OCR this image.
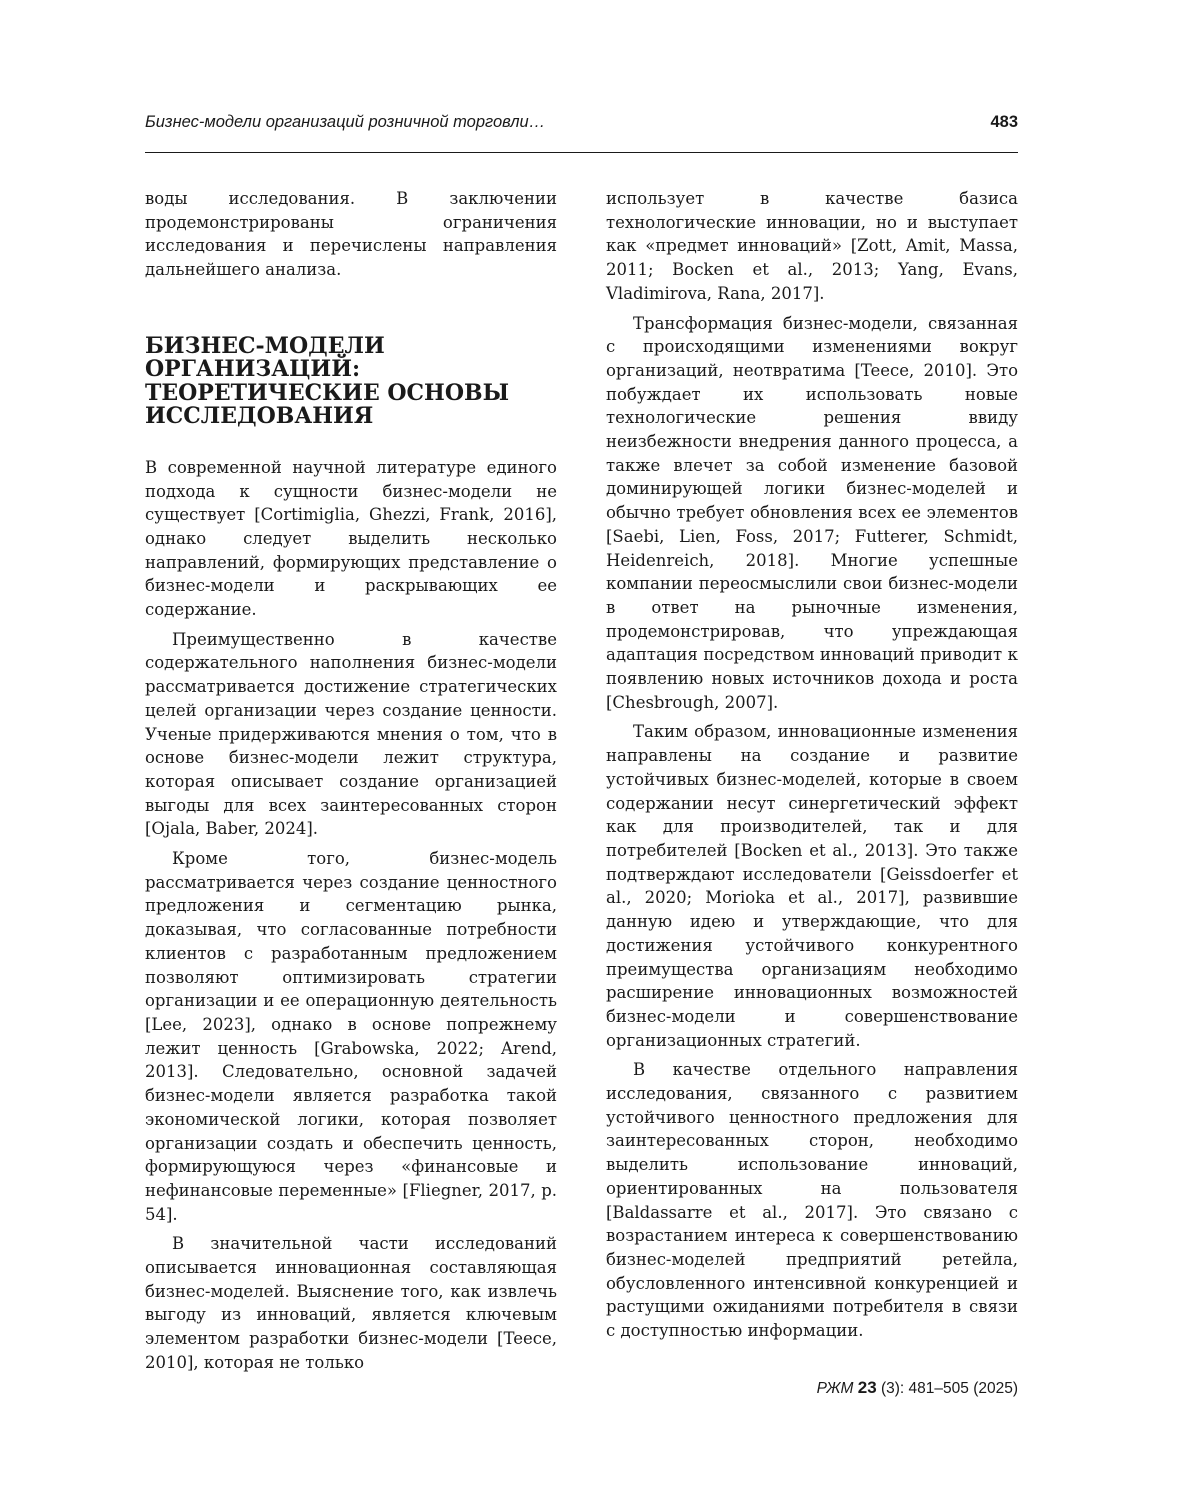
Бизнес-модели организаций розничной торговли…	483

воды исследования. В заключении продемонстрированы ограничения исследования и перечислены направления дальнейшего анализа.

БИЗНЕС-МОДЕЛИ ОРГАНИЗАЦИЙ: ТЕОРЕТИЧЕСКИЕ ОСНОВЫ ИССЛЕДОВАНИЯ

В современной научной литературе единого подхода к сущности бизнес-модели не существует [Cortimiglia, Ghezzi, Frank, 2016], однако следует выделить несколько направлений, формирующих представление о бизнес-модели и раскрывающих ее содержание.

Преимущественно в качестве содержательного наполнения бизнес-модели рассматривается достижение стратегических целей организации через создание ценности. Ученые придерживаются мнения о том, что в основе бизнес-модели лежит структура, которая описывает создание организацией выгоды для всех заинтересованных сторон [Ojala, Baber, 2024].

Кроме того, бизнес-модель рассматривается через создание ценностного предложения и сегментацию рынка, доказывая, что согласованные потребности клиентов с разработанным предложением позволяют оптимизировать стратегии организации и ее операционную деятельность [Lee, 2023], однако в основе попрежнему лежит ценность [Grabowska, 2022; Arend, 2013]. Следовательно, основной задачей бизнес-модели является разработка такой экономической логики, которая позволяет организации создать и обеспечить ценность, формирующуюся через «финансовые и нефинансовые переменные» [Fliegner, 2017, p. 54].

В значительной части исследований описывается инновационная составляющая бизнес-моделей. Выяснение того, как извлечь выгоду из инноваций, является ключевым элементом разработки бизнес-модели [Teece, 2010], которая не только

использует в качестве базиса технологические инновации, но и выступает как «предмет инноваций» [Zott, Amit, Massa, 2011; Bocken et al., 2013; Yang, Evans, Vladimirova, Rana, 2017].

Трансформация бизнес-модели, связанная с происходящими изменениями вокруг организаций, неотвратима [Teece, 2010]. Это побуждает их использовать новые технологические решения ввиду неизбежности внедрения данного процесса, а также влечет за собой изменение базовой доминирующей логики бизнес-моделей и обычно требует обновления всех ее элементов [Saebi, Lien, Foss, 2017; Futterer, Schmidt, Heidenreich, 2018]. Многие успешные компании переосмыслили свои бизнес-модели в ответ на рыночные изменения, продемонстрировав, что упреждающая адаптация посредством инноваций приводит к появлению новых источников дохода и роста [Chesbrough, 2007].

Таким образом, инновационные изменения направлены на создание и развитие устойчивых бизнес-моделей, которые в своем содержании несут синергетический эффект как для производителей, так и для потребителей [Bocken et al., 2013]. Это также подтверждают исследователи [Geissdoerfer et al., 2020; Morioka et al., 2017], развившие данную идею и утверждающие, что для достижения устойчивого конкурентного преимущества организациям необходимо расширение инновационных возможностей бизнес-модели и совершенствование организационных стратегий.

В качестве отдельного направления исследования, связанного с развитием устойчивого ценностного предложения для заинтересованных сторон, необходимо выделить использование инноваций, ориентированных на пользователя [Baldassarre et al., 2017]. Это связано с возрастанием интереса к совершенствованию бизнес-моделей предприятий ретейла, обусловленного интенсивной конкуренцией и растущими ожиданиями потребителя в связи с доступностью информации.

РЖМ 23 (3): 481–505 (2025)
